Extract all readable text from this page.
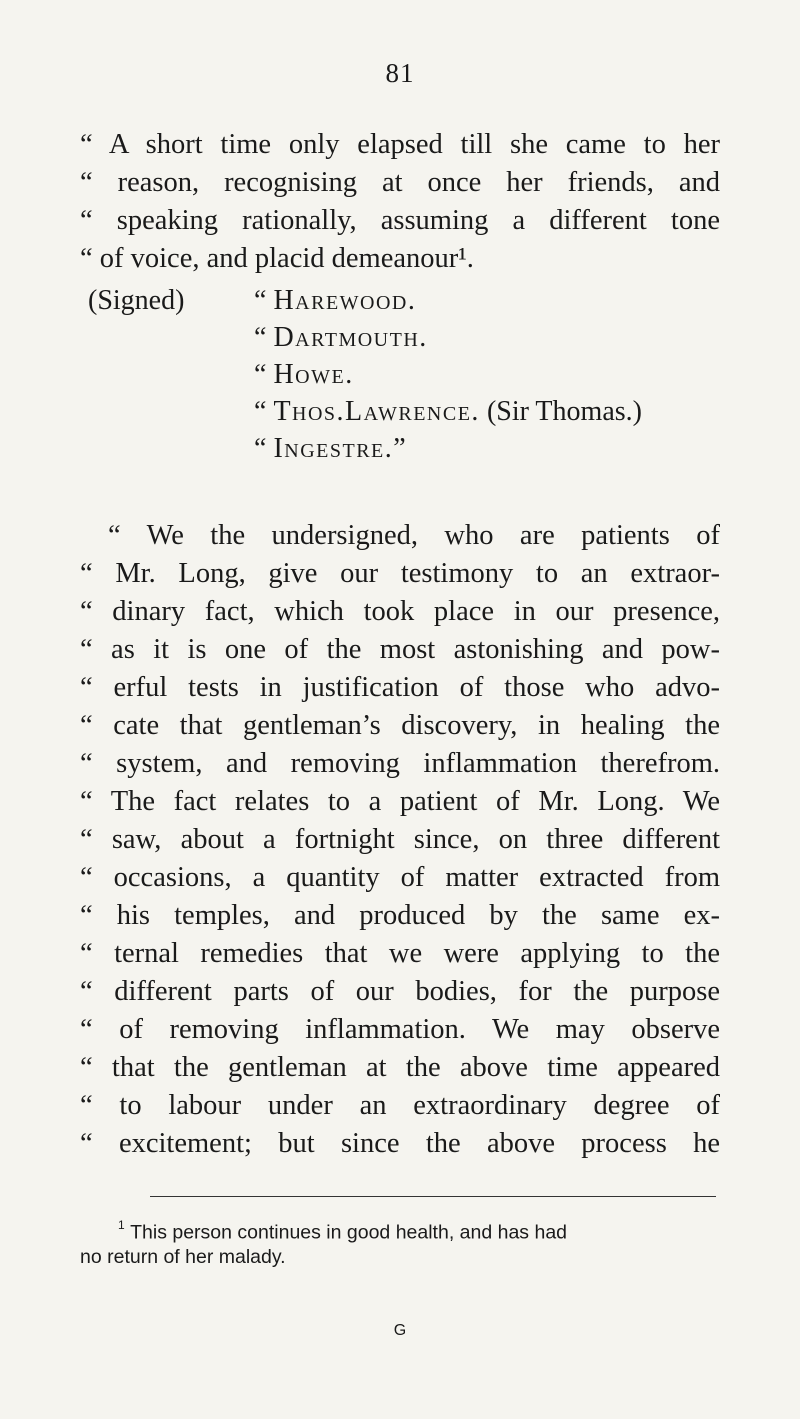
81
“ A short time only elapsed till she came to her
“ reason, recognising at once her friends, and
“ speaking rationally, assuming a different tone
“ of voice, and placid demeanour¹.
(Signed) “ Harewood.
“ Dartmouth.
“ Howe.
“ Thos.Lawrence. (Sir Thomas.)
“ Ingestre.”
“ We the undersigned, who are patients of
“ Mr. Long, give our testimony to an extraor-
“ dinary fact, which took place in our presence,
“ as it is one of the most astonishing and pow-
“ erful tests in justification of those who advo-
“ cate that gentleman’s discovery, in healing the
“ system, and removing inflammation therefrom.
“ The fact relates to a patient of Mr. Long. We
“ saw, about a fortnight since, on three different
“ occasions, a quantity of matter extracted from
“ his temples, and produced by the same ex-
“ ternal remedies that we were applying to the
“ different parts of our bodies, for the purpose
“ of removing inflammation. We may observe
“ that the gentleman at the above time appeared
“ to labour under an extraordinary degree of
“ excitement; but since the above process he
$^1$ This person continues in good health, and has had
no return of her malady.
G
